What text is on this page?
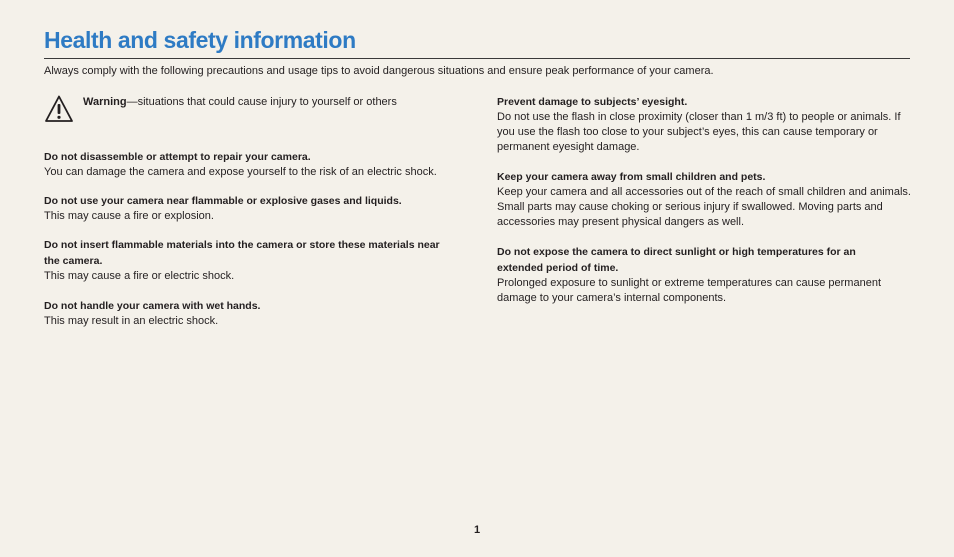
Health and safety information
Always comply with the following precautions and usage tips to avoid dangerous situations and ensure peak performance of your camera.
Warning—situations that could cause injury to yourself or others

Do not disassemble or attempt to repair your camera.

You can damage the camera and expose yourself to the risk of an electric shock.

Do not use your camera near flammable or explosive gases and liquids.

This may cause a fire or explosion.

Do not insert flammable materials into the camera or store these materials near the camera.

This may cause a fire or electric shock.

Do not handle your camera with wet hands.

This may result in an electric shock.

Prevent damage to subjects’ eyesight.

Do not use the flash in close proximity (closer than 1 m/3 ft) to people or animals. If you use the flash too close to your subject’s eyes, this can cause temporary or permanent eyesight damage.

Keep your camera away from small children and pets.

Keep your camera and all accessories out of the reach of small children and animals. Small parts may cause choking or serious injury if swallowed. Moving parts and accessories may present physical dangers as well.

Do not expose the camera to direct sunlight or high temperatures for an extended period of time.

Prolonged exposure to sunlight or extreme temperatures can cause permanent damage to your camera’s internal components.

1
